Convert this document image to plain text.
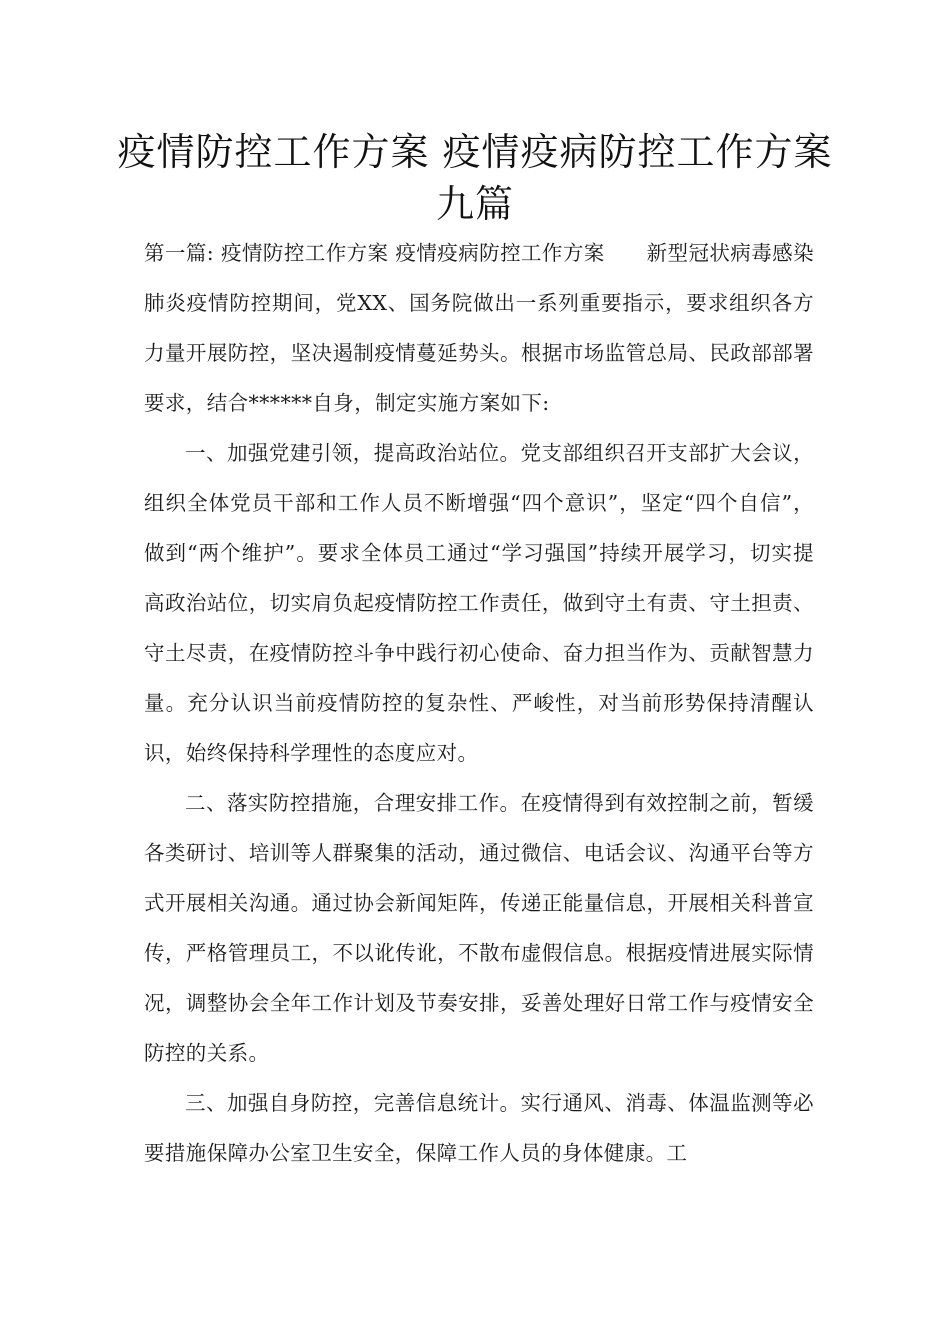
疫情防控工作方案 疫情疫病防控工作方案九篇

第一篇: 疫情防控工作方案 疫情疫病防控工作方案　　新型冠状病毒感染肺炎疫情防控期间，党XX、国务院做出一系列重要指示，要求组织各方力量开展防控，坚决遏制疫情蔓延势头。根据市场监管总局、民政部部署要求，结合******自身，制定实施方案如下:

一、加强党建引领，提高政治站位。党支部组织召开支部扩大会议，组织全体党员干部和工作人员不断增强“四个意识”，坚定“四个自信”，做到“两个维护”。要求全体员工通过“学习强国”持续开展学习，切实提高政治站位，切实肩负起疫情防控工作责任，做到守土有责、守土担责、守土尽责，在疫情防控斗争中践行初心使命、奋力担当作为、贡献智慧力量。充分认识当前疫情防控的复杂性、严峻性，对当前形势保持清醒认识，始终保持科学理性的态度应对。

二、落实防控措施，合理安排工作。在疫情得到有效控制之前，暂缓各类研讨、培训等人群聚集的活动，通过微信、电话会议、沟通平台等方式开展相关沟通。通过协会新闻矩阵，传递正能量信息，开展相关科普宣传，严格管理员工，不以讹传讹，不散布虚假信息。根据疫情进展实际情况，调整协会全年工作计划及节奏安排，妥善处理好日常工作与疫情安全防控的关系。

三、加强自身防控，完善信息统计。实行通风、消毒、体温监测等必要措施保障办公室卫生安全，保障工作人员的身体健康。工
